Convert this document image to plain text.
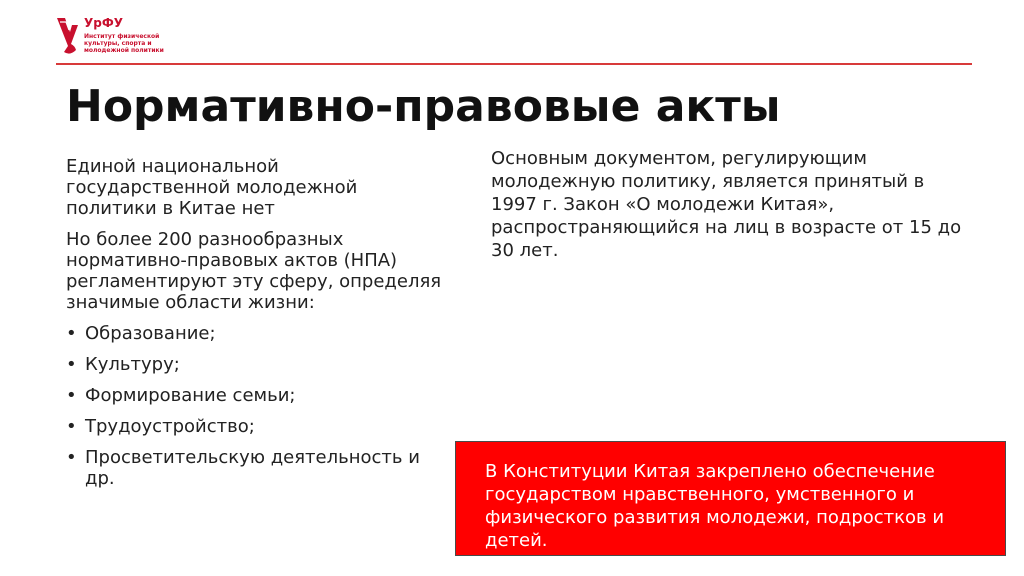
УрФУ
Институт физической культуры, спорта и молодежной политики
Нормативно-правовые акты

Единой национальной государственной молодежной политики в Китае нет

Но более 200 разнообразных нормативно-правовых актов (НПА) регламентируют эту сферу, определяя значимые области жизни:

• Образование;
• Культуру;
• Формирование семьи;
• Трудоустройство;
• Просветительскую деятельность и др.

Основным документом, регулирующим молодежную политику, является принятый в 1997 г. Закон «О молодежи Китая», распространяющийся на лиц в возрасте от 15 до 30 лет.

В Конституции Китая закреплено обеспечение государством нравственного, умственного и физического развития молодежи, подростков и детей.
